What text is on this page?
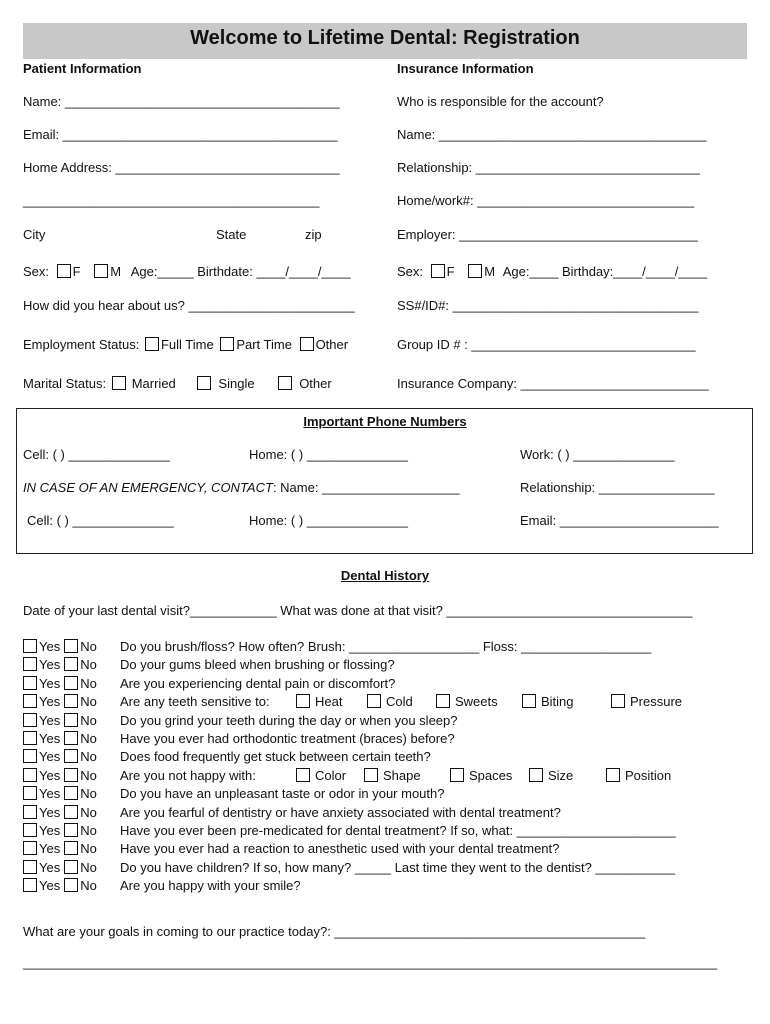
Welcome to Lifetime Dental: Registration
Patient Information	Insurance Information
Name: ______________________________________
Email: ______________________________________
Home Address: _______________________________
_________________________________________
City	State	zip
Sex: F M Age:_____ Birthdate: ____/____/____
How did you hear about us? _______________________
Employment Status: Full Time Part Time Other
Marital Status: Married	Single	Other
Who is responsible for the account?
Name: _____________________________________
Relationship: _______________________________
Home/work#: ______________________________
Employer: _________________________________
Sex: F M Age:____ Birthday:____/____/____
SS#/ID#: __________________________________
Group ID # : _______________________________
Insurance Company: __________________________
Important Phone Numbers
Cell: ( ) ______________	Home: ( ) ______________	Work: ( ) ______________
IN CASE OF AN EMERGENCY, CONTACT: Name: ___________________	Relationship: ________________
Cell: ( ) ______________	Home: ( ) ______________	Email: ______________________
Dental History
Date of your last dental visit?____________ What was done at that visit? __________________________________
Yes No Do you brush/floss? How often? Brush: __________________ Floss: __________________
Yes No Do your gums bleed when brushing or flossing?
Yes No Are you experiencing dental pain or discomfort?
Yes No Are any teeth sensitive to:	Heat	Cold	Sweets	Biting	Pressure
Yes No Do you grind your teeth during the day or when you sleep?
Yes No Have you ever had orthodontic treatment (braces) before?
Yes No Does food frequently get stuck between certain teeth?
Yes No Are you not happy with:	Color	Shape	Spaces	Size	Position
Yes No Do you have an unpleasant taste or odor in your mouth?
Yes No Are you fearful of dentistry or have anxiety associated with dental treatment?
Yes No Have you ever been pre-medicated for dental treatment? If so, what: ______________________
Yes No Have you ever had a reaction to anesthetic used with your dental treatment?
Yes No Do you have children? If so, how many? _____ Last time they went to the dentist? ___________
Yes No Are you happy with your smile?
What are your goals in coming to our practice today?: ___________________________________________
________________________________________________________________________________________________
